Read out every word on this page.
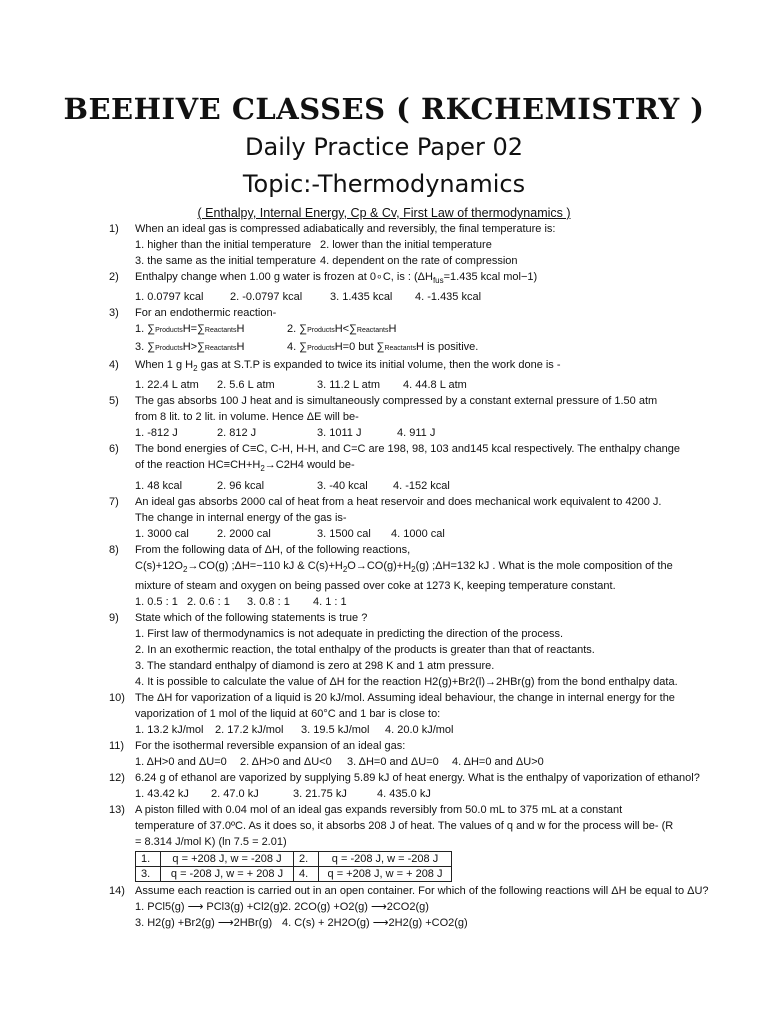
BEEHIVE CLASSES ( RKCHEMISTRY )
Daily Practice Paper 02
Topic:-Thermodynamics
( Enthalpy, Internal Energy, Cp & Cv, First Law of thermodynamics )
1) When an ideal gas is compressed adiabatically and reversibly, the final temperature is:
1. higher than the initial temperature 2. lower than the initial temperature
3. the same as the initial temperature 4. dependent on the rate of compression
2) Enthalpy change when 1.00 g water is frozen at 0∘C, is : ($\Delta H_{fus}=1.435$ kcal mol−1)
1. 0.0797 kcal	2. -0.0797 kcal	3. 1.435 kcal	4. -1.435 kcal
3) For an endothermic reaction-
1. ∑ProductsH=∑ReactantsH	2. ∑ProductsH<∑ReactantsH
3. ∑ProductsH>∑ReactantsH	4. ∑ProductsH=0 but ∑ReactantsH is positive.
4) When 1 g $H_2$ gas at S.T.P is expanded to twice its initial volume, then the work done is -
1. 22.4 L atm	2. 5.6 L atm	3. 11.2 L atm	4. 44.8 L atm
5) The gas absorbs 100 J heat and is simultaneously compressed by a constant external pressure of 1.50 atm from 8 lit. to 2 lit. in volume. Hence ΔE will be-
1. -812 J	2. 812 J	3. 1011 J	4. 911 J
6) The bond energies of C≡C, C-H, H-H, and C=C are 198, 98, 103 and145 kcal respectively. The enthalpy change of the reaction $HC\equiv CH+H_2\to C2H4$ would be-
1. 48 kcal	2. 96 kcal	3. -40 kcal	4. -152 kcal
7) An ideal gas absorbs 2000 cal of heat from a heat reservoir and does mechanical work equivalent to 4200 J. The change in internal energy of the gas is-
1. 3000 cal	2. 2000 cal	3. 1500 cal	4. 1000 cal
8) From the following data of ΔH, of the following reactions,
$C(s)+12O_2\to CO(g)$ ;ΔH=−110 kJ & $C(s)+H_2O\to CO(g)+H_2(g)$ ;ΔH=132 kJ . What is the mole composition of the mixture of steam and oxygen on being passed over coke at 1273 K, keeping temperature constant.
1. 0.5 : 1 2. 0.6 : 1	3. 0.8 : 1	4. 1 : 1
9) State which of the following statements is true ?
1. First law of thermodynamics is not adequate in predicting the direction of the process.
2. In an exothermic reaction, the total enthalpy of the products is greater than that of reactants.
3. The standard enthalpy of diamond is zero at 298 K and 1 atm pressure.
4. It is possible to calculate the value of ΔH for the reaction H2(g)+Br2(l)→2HBr(g) from the bond enthalpy data.
10) The ΔH for vaporization of a liquid is 20 kJ/mol. Assuming ideal behaviour, the change in internal energy for the vaporization of 1 mol of the liquid at 60°C and 1 bar is close to:
1. 13.2 kJ/mol	2. 17.2 kJ/mol	3. 19.5 kJ/mol	4. 20.0 kJ/mol
11) For the isothermal reversible expansion of an ideal gas:
1. ΔH>0 and ΔU=0	2. ΔH>0 and ΔU<0	3. ΔH=0 and ΔU=0	4. ΔH=0 and ΔU>0
12) 6.24 g of ethanol are vaporized by supplying 5.89 kJ of heat energy. What is the enthalpy of vaporization of ethanol?
1. 43.42 kJ	2. 47.0 kJ	3. 21.75 kJ	4. 435.0 kJ
13) A piston filled with 0.04 mol of an ideal gas expands reversibly from 50.0 mL to 375 mL at a constant temperature of 37.0ºC. As it does so, it absorbs 208 J of heat. The values of q and w for the process will be- (R = 8.314 J/mol K) (ln 7.5 = 2.01)
1.	q = +208 J, w = -208 J	2.	q = -208 J, w = -208 J
3.	q = -208 J, w = + 208 J	4.	q = +208 J, w = + 208 J
14) Assume each reaction is carried out in an open container. For which of the following reactions will ΔH be equal to ΔU?
1. PCl5(g) ⟶ PCl3(g) +Cl2(g)
2. 2CO(g) +O2(g) ⟶2CO2(g)
3. H2(g) +Br2(g) ⟶2HBr(g) 4. C(s) + 2H2O(g) ⟶2H2(g) +CO2(g)
